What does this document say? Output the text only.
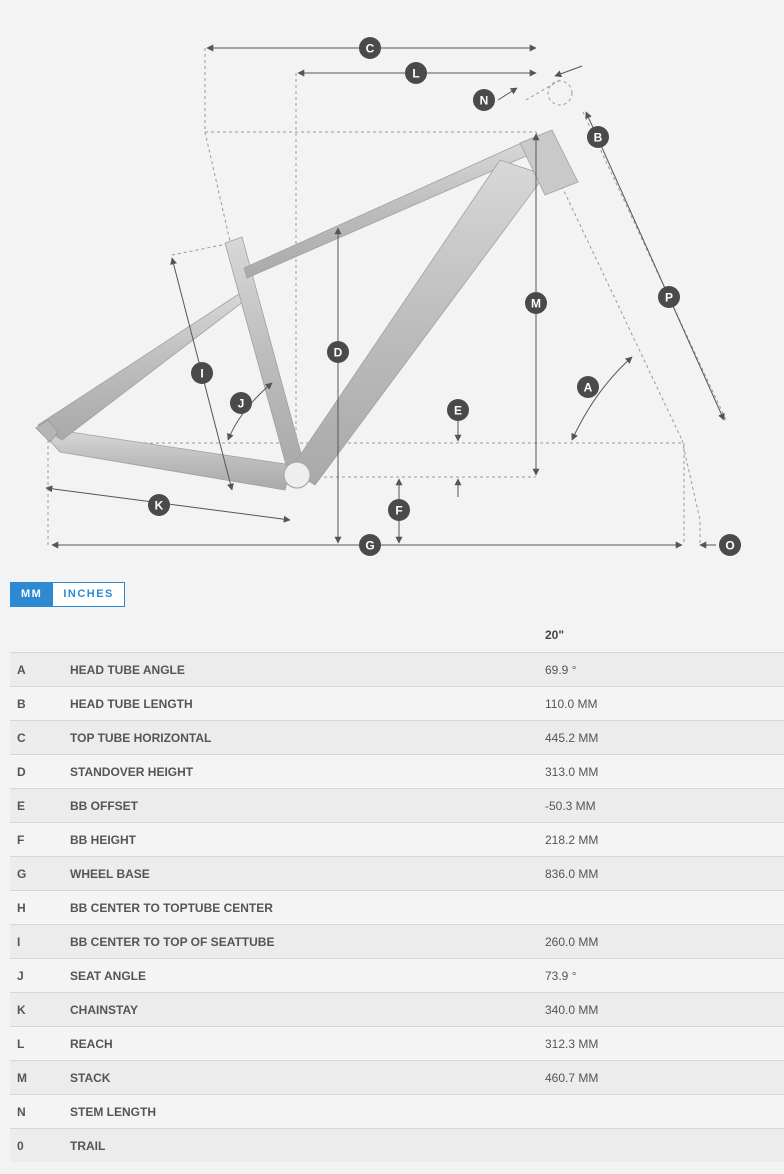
C
L
N
B
P
M
D
I
A
J	E
K	F
G	O
MM	INCHES
20"
A	HEAD TUBE ANGLE	69.9 °
B	HEAD TUBE LENGTH	110.0 MM
C	TOP TUBE HORIZONTAL	445.2 MM
D	STANDOVER HEIGHT	313.0 MM
E	BB OFFSET	-50.3 MM
F	BB HEIGHT	218.2 MM
G	WHEEL BASE	836.0 MM
H	BB CENTER TO TOPTUBE CENTER
I	BB CENTER TO TOP OF SEATTUBE	260.0 MM
J	SEAT ANGLE	73.9 °
K	CHAINSTAY	340.0 MM
L	REACH	312.3 MM
M	STACK	460.7 MM
N	STEM LENGTH
0	TRAIL
